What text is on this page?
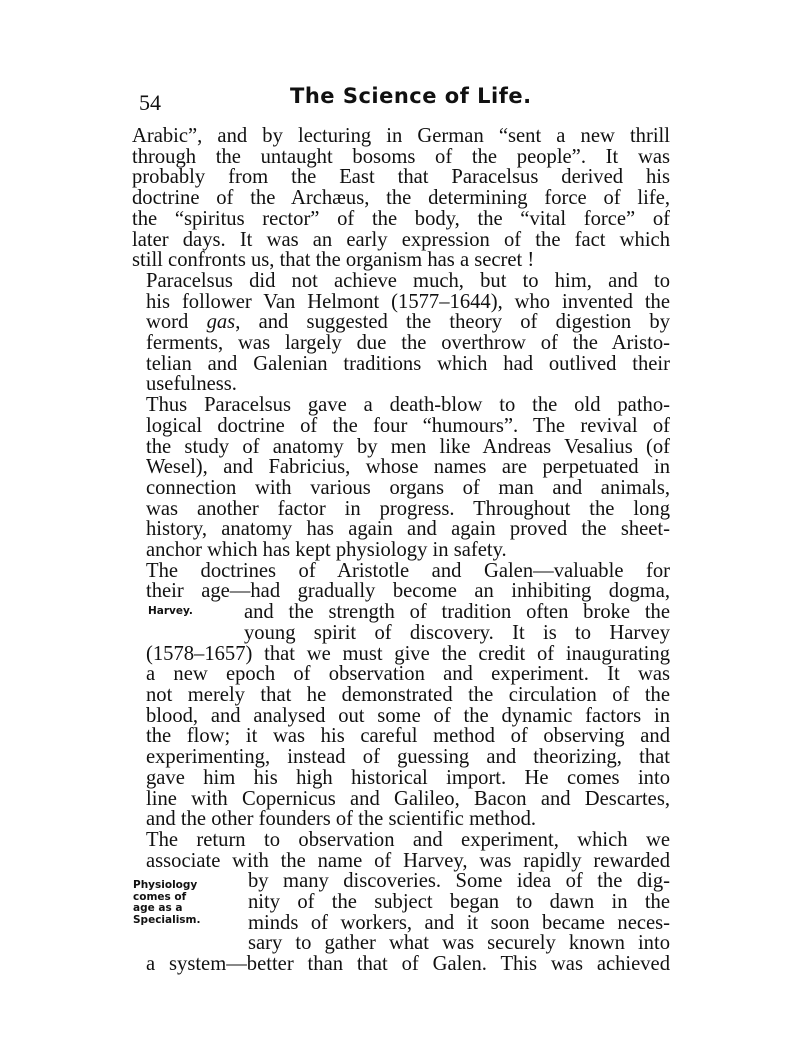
54	The Science of Life.
Harvey.
Physiology
comes of
age as a
Specialism.

Arabic”, and by lecturing in German “sent a new thrill
through the untaught bosoms of the people”. It was
probably from the East that Paracelsus derived his
doctrine of the Archæus, the determining force of life,
the “spiritus rector” of the body, the “vital force” of
later days. It was an early expression of the fact which
still confronts us, that the organism has a secret !

Paracelsus did not achieve much, but to him, and to
his follower Van Helmont (1577–1644), who invented the
word gas, and suggested the theory of digestion by
ferments, was largely due the overthrow of the Aristo-
telian and Galenian traditions which had outlived their
usefulness.

Thus Paracelsus gave a death-blow to the old patho-
logical doctrine of the four “humours”. The revival of
the study of anatomy by men like Andreas Vesalius (of
Wesel), and Fabricius, whose names are perpetuated in
connection with various organs of man and animals,
was another factor in progress. Throughout the long
history, anatomy has again and again proved the sheet-
anchor which has kept physiology in safety.

The doctrines of Aristotle and Galen—valuable for
their age—had gradually become an inhibiting dogma,
and the strength of tradition often broke the
young spirit of discovery. It is to Harvey
(1578–1657) that we must give the credit of inaugurating
a new epoch of observation and experiment. It was
not merely that he demonstrated the circulation of the
blood, and analysed out some of the dynamic factors in
the flow; it was his careful method of observing and
experimenting, instead of guessing and theorizing, that
gave him his high historical import. He comes into
line with Copernicus and Galileo, Bacon and Descartes,
and the other founders of the scientific method.

The return to observation and experiment, which we
associate with the name of Harvey, was rapidly rewarded
by many discoveries. Some idea of the dig-
nity of the subject began to dawn in the
minds of workers, and it soon became neces-
sary to gather what was securely known into
a system—better than that of Galen. This was achieved
